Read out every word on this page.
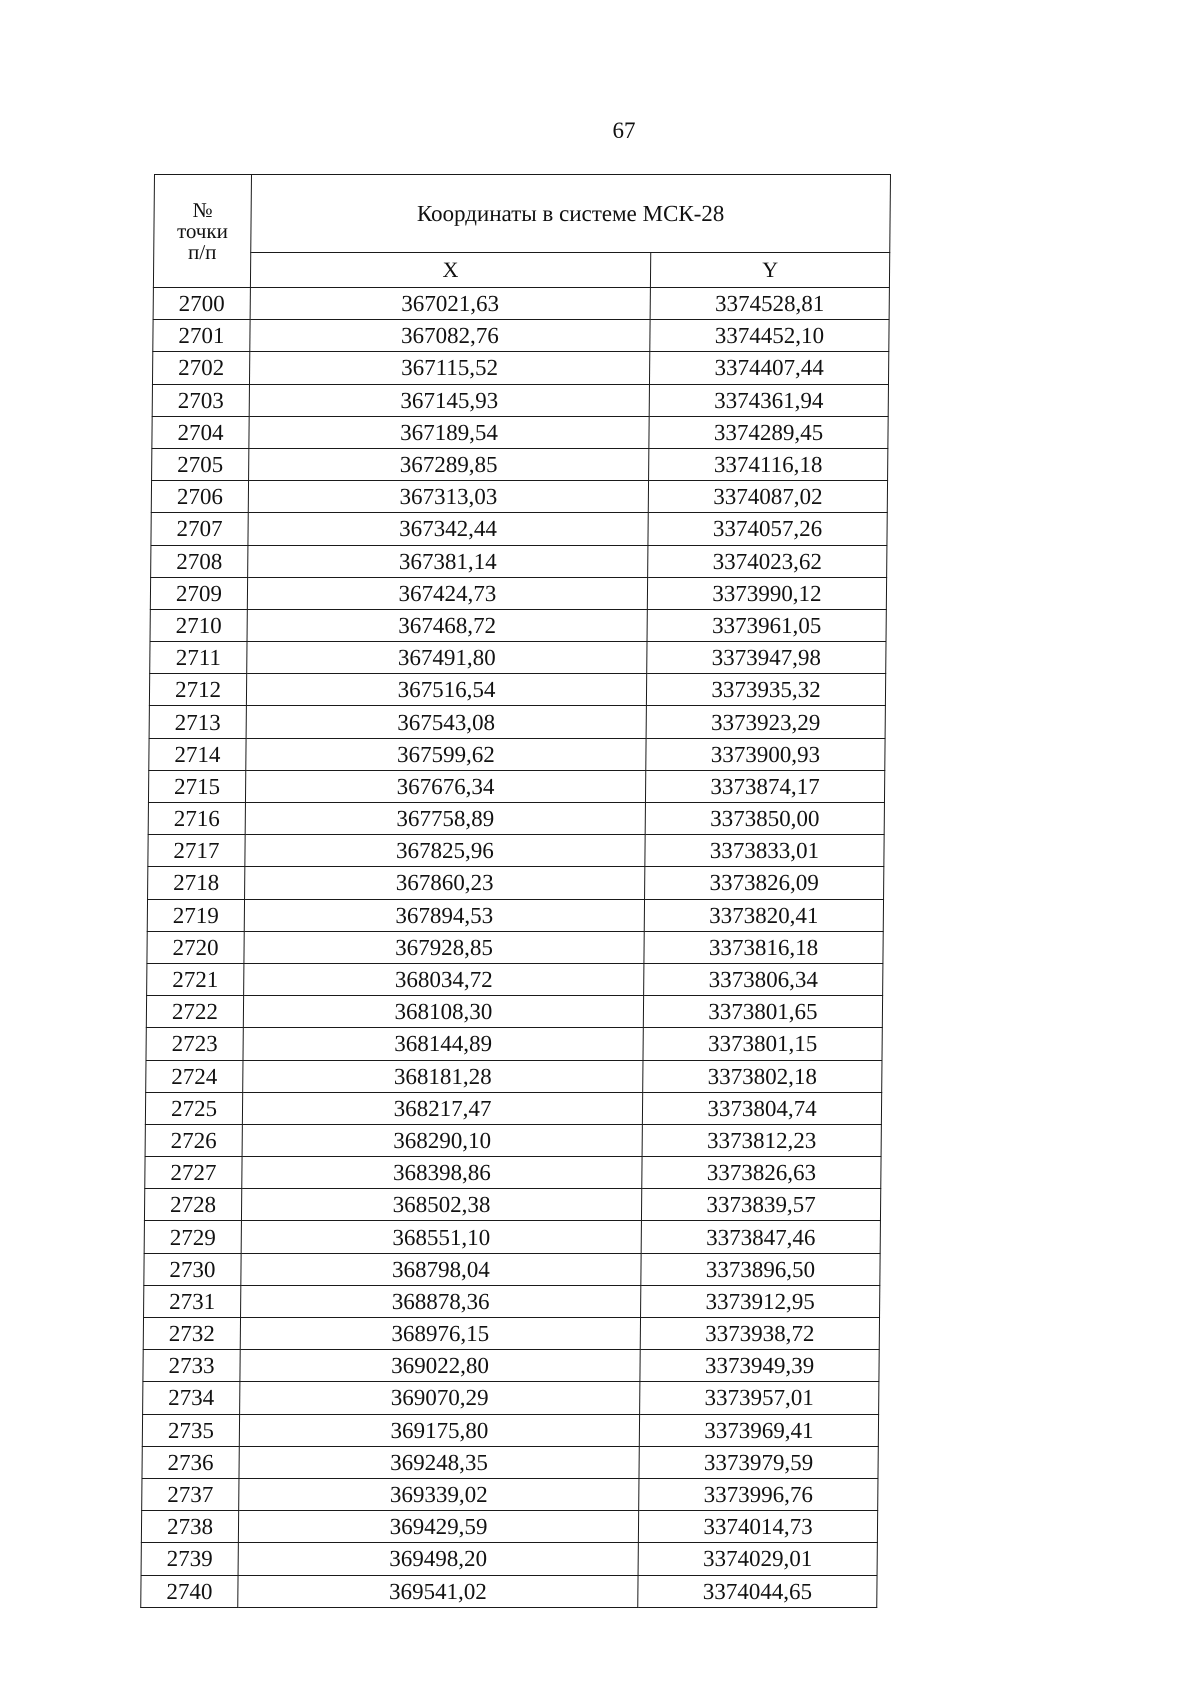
67
№
точки
п/п	Координаты в системе МСК-28	
	X	Y
2700	367021,63	3374528,81
2701	367082,76	3374452,10
2702	367115,52	3374407,44
2703	367145,93	3374361,94
2704	367189,54	3374289,45
2705	367289,85	3374116,18
2706	367313,03	3374087,02
2707	367342,44	3374057,26
2708	367381,14	3374023,62
2709	367424,73	3373990,12
2710	367468,72	3373961,05
2711	367491,80	3373947,98
2712	367516,54	3373935,32
2713	367543,08	3373923,29
2714	367599,62	3373900,93
2715	367676,34	3373874,17
2716	367758,89	3373850,00
2717	367825,96	3373833,01
2718	367860,23	3373826,09
2719	367894,53	3373820,41
2720	367928,85	3373816,18
2721	368034,72	3373806,34
2722	368108,30	3373801,65
2723	368144,89	3373801,15
2724	368181,28	3373802,18
2725	368217,47	3373804,74
2726	368290,10	3373812,23
2727	368398,86	3373826,63
2728	368502,38	3373839,57
2729	368551,10	3373847,46
2730	368798,04	3373896,50
2731	368878,36	3373912,95
2732	368976,15	3373938,72
2733	369022,80	3373949,39
2734	369070,29	3373957,01
2735	369175,80	3373969,41
2736	369248,35	3373979,59
2737	369339,02	3373996,76
2738	369429,59	3374014,73
2739	369498,20	3374029,01
2740	369541,02	3374044,65
